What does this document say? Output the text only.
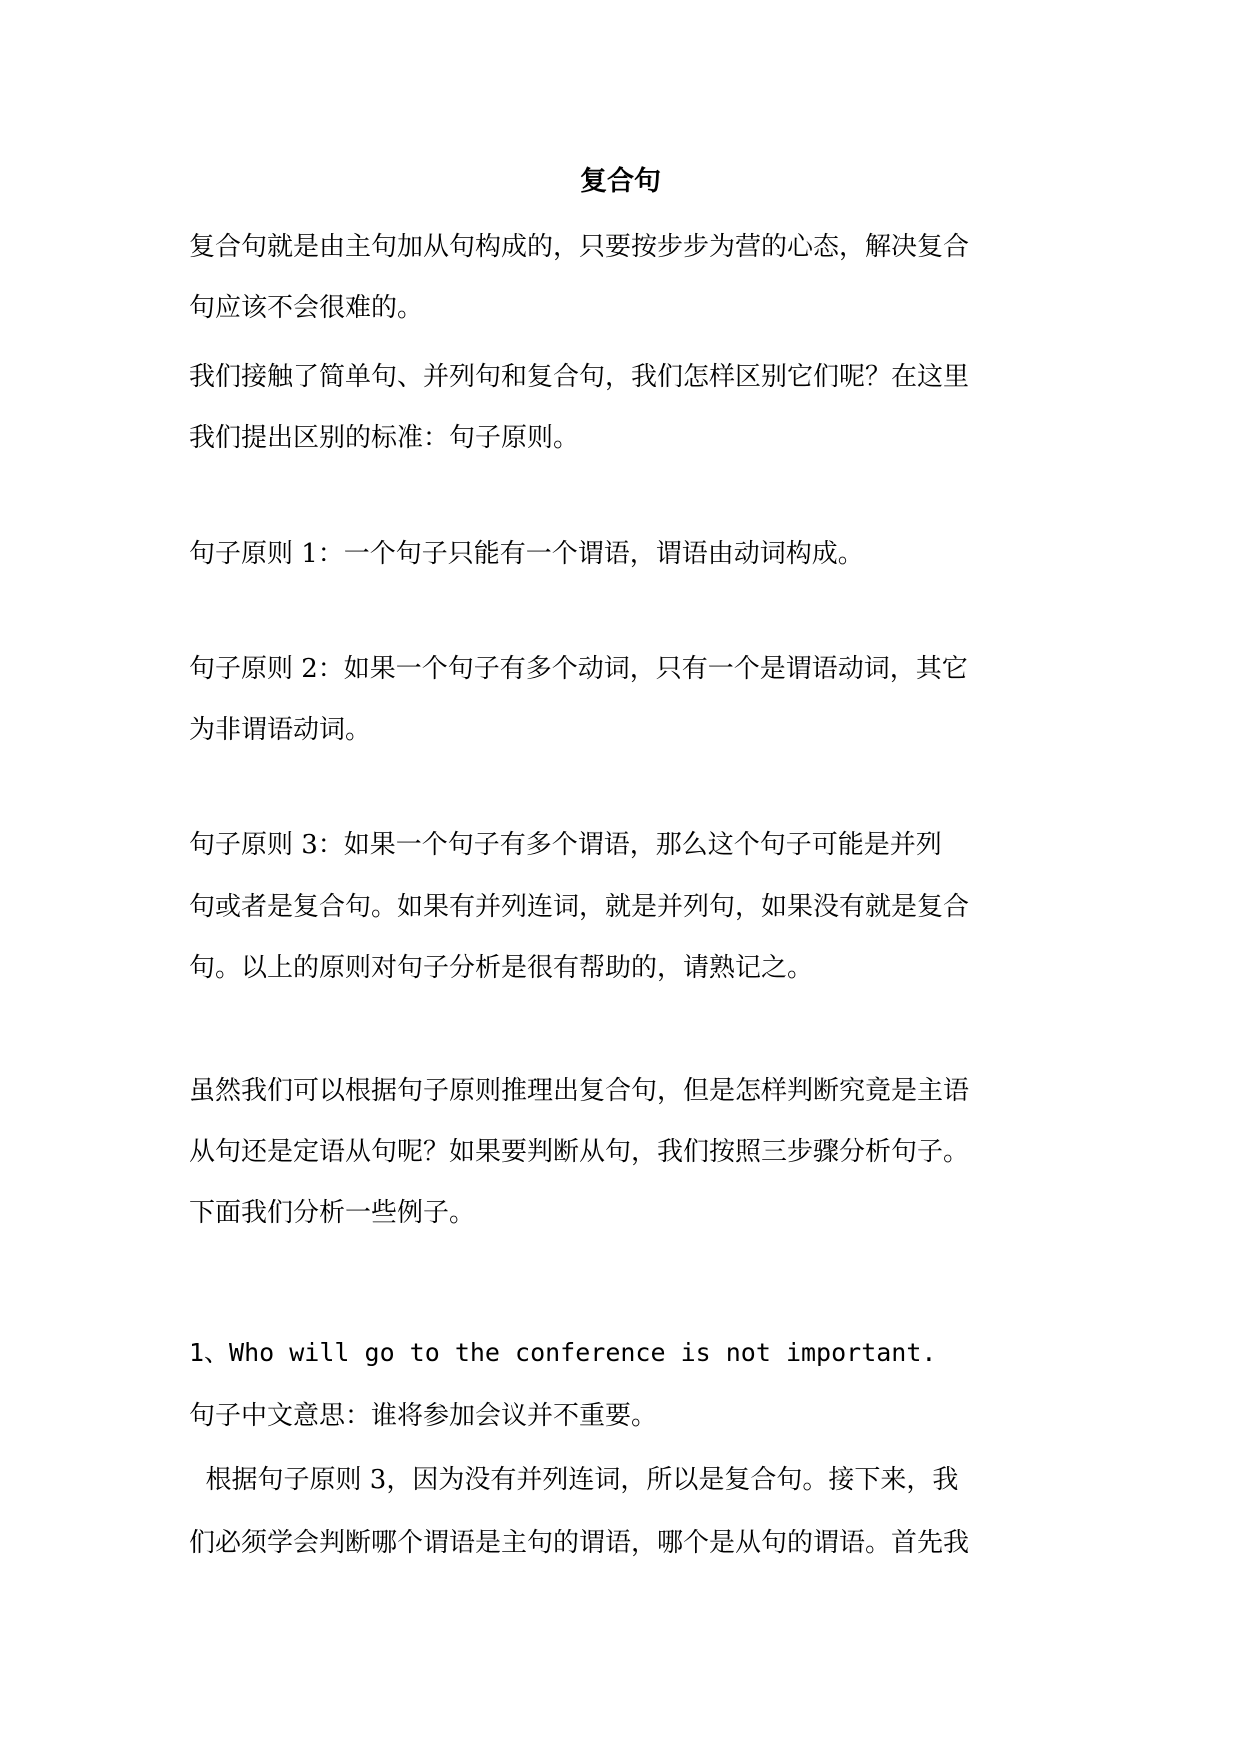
复合句
复合句就是由主句加从句构成的，只要按步步为营的心态，解决复合
句应该不会很难的。
我们接触了简单句、并列句和复合句，我们怎样区别它们呢？在这里
我们提出区别的标准：句子原则。
句子原则 1：一个句子只能有一个谓语，谓语由动词构成。
句子原则 2：如果一个句子有多个动词，只有一个是谓语动词，其它
为非谓语动词。
句子原则 3：如果一个句子有多个谓语，那么这个句子可能是并列
句或者是复合句。如果有并列连词，就是并列句，如果没有就是复合
句。以上的原则对句子分析是很有帮助的，请熟记之。
虽然我们可以根据句子原则推理出复合句，但是怎样判断究竟是主语
从句还是定语从句呢？如果要判断从句，我们按照三步骤分析句子。
下面我们分析一些例子。
1、Who will go to the conference is not important.
句子中文意思：谁将参加会议并不重要。
根据句子原则 3，因为没有并列连词，所以是复合句。接下来，我
们必须学会判断哪个谓语是主句的谓语，哪个是从句的谓语。首先我
